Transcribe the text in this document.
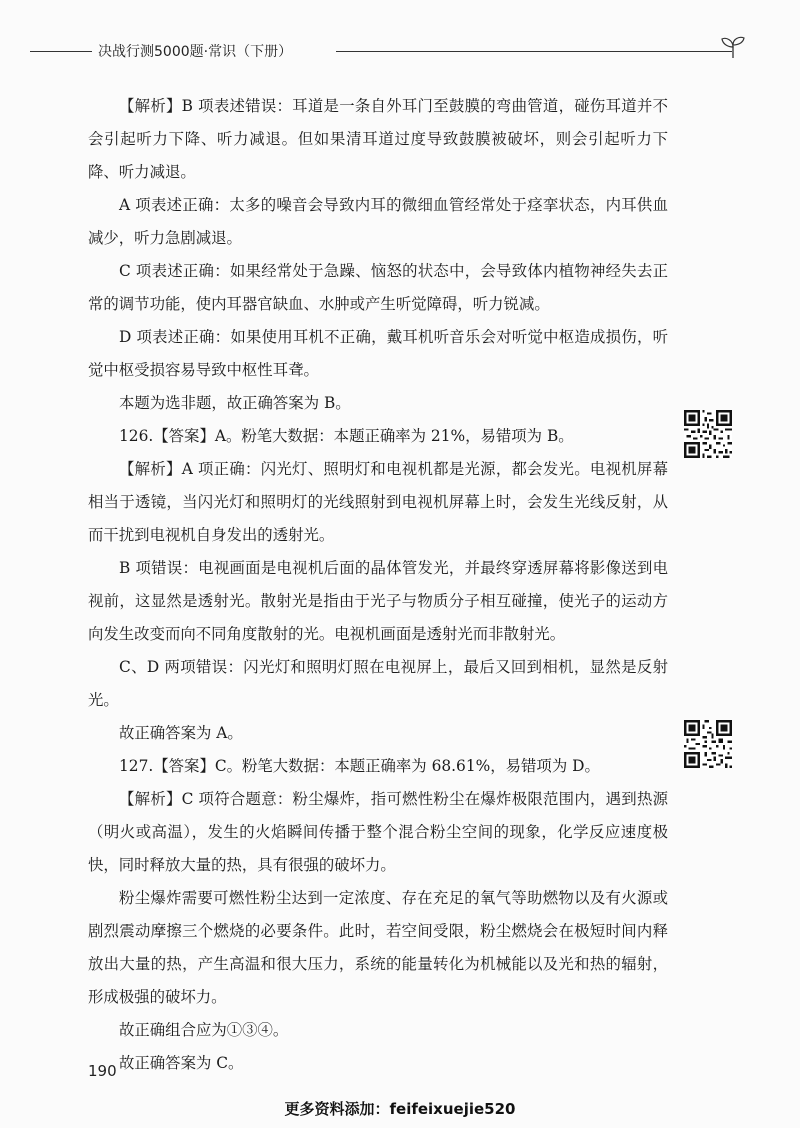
决战行测5000题·常识（下册）

【解析】B 项表述错误：耳道是一条自外耳门至鼓膜的弯曲管道，碰伤耳道并不会引起听力下降、听力减退。但如果清耳道过度导致鼓膜被破坏，则会引起听力下降、听力减退。

A 项表述正确：太多的噪音会导致内耳的微细血管经常处于痉挛状态，内耳供血减少，听力急剧减退。

C 项表述正确：如果经常处于急躁、恼怒的状态中，会导致体内植物神经失去正常的调节功能，使内耳器官缺血、水肿或产生听觉障碍，听力锐减。

D 项表述正确：如果使用耳机不正确，戴耳机听音乐会对听觉中枢造成损伤，听觉中枢受损容易导致中枢性耳聋。

本题为选非题，故正确答案为 B。

126.【答案】A。粉笔大数据：本题正确率为 21%，易错项为 B。

【解析】A 项正确：闪光灯、照明灯和电视机都是光源，都会发光。电视机屏幕相当于透镜，当闪光灯和照明灯的光线照射到电视机屏幕上时，会发生光线反射，从而干扰到电视机自身发出的透射光。

B 项错误：电视画面是电视机后面的晶体管发光，并最终穿透屏幕将影像送到电视前，这显然是透射光。散射光是指由于光子与物质分子相互碰撞，使光子的运动方向发生改变而向不同角度散射的光。电视机画面是透射光而非散射光。

C、D 两项错误：闪光灯和照明灯照在电视屏上，最后又回到相机，显然是反射光。

故正确答案为 A。

127.【答案】C。粉笔大数据：本题正确率为 68.61%，易错项为 D。

【解析】C 项符合题意：粉尘爆炸，指可燃性粉尘在爆炸极限范围内，遇到热源（明火或高温），发生的火焰瞬间传播于整个混合粉尘空间的现象，化学反应速度极快，同时释放大量的热，具有很强的破坏力。

粉尘爆炸需要可燃性粉尘达到一定浓度、存在充足的氧气等助燃物以及有火源或剧烈震动摩擦三个燃烧的必要条件。此时，若空间受限，粉尘燃烧会在极短时间内释放出大量的热，产生高温和很大压力，系统的能量转化为机械能以及光和热的辐射，形成极强的破坏力。

故正确组合应为①③④。

故正确答案为 C。

190
更多资料添加：feifeixuejie520
